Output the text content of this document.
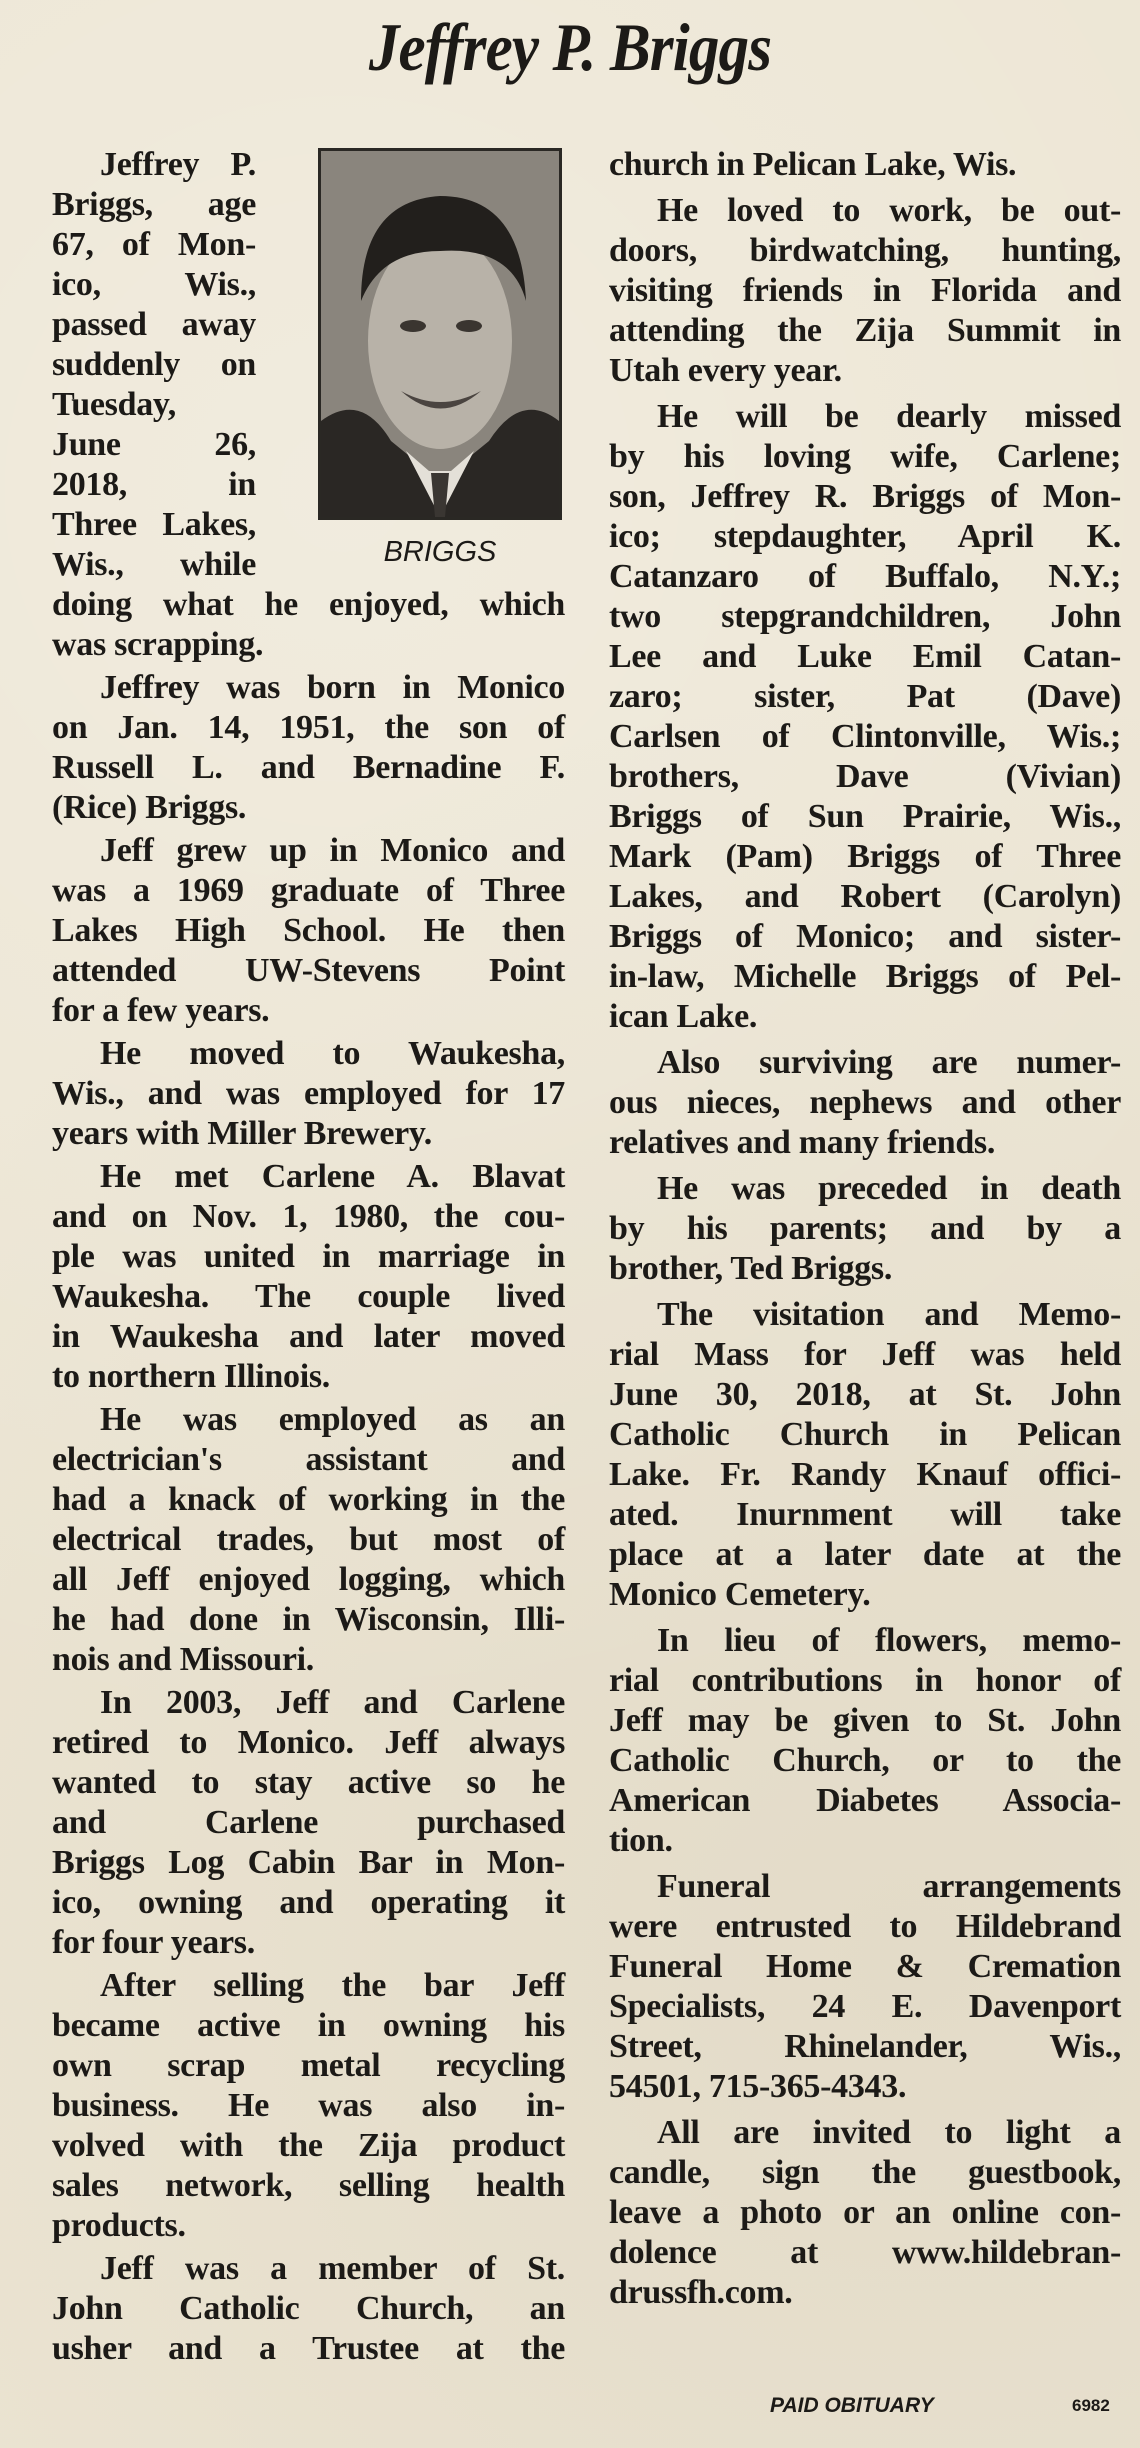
Jeffrey P. Briggs
BRIGGS
Jeffrey P.
Briggs, age
67, of Mon-
ico, Wis.,
passed away
suddenly on
Tuesday,
June 26,
2018, in
Three Lakes,
Wis., while
doing what he enjoyed, which
was scrapping.
Jeffrey was born in Monico
on Jan. 14, 1951, the son of
Russell L. and Bernadine F.
(Rice) Briggs.
Jeff grew up in Monico and
was a 1969 graduate of Three
Lakes High School. He then
attended UW-Stevens Point
for a few years.
He moved to Waukesha,
Wis., and was employed for 17
years with Miller Brewery.
He met Carlene A. Blavat
and on Nov. 1, 1980, the cou-
ple was united in marriage in
Waukesha. The couple lived
in Waukesha and later moved
to northern Illinois.
He was employed as an
electrician's assistant and
had a knack of working in the
electrical trades, but most of
all Jeff enjoyed logging, which
he had done in Wisconsin, Illi-
nois and Missouri.
In 2003, Jeff and Carlene
retired to Monico. Jeff always
wanted to stay active so he
and Carlene purchased
Briggs Log Cabin Bar in Mon-
ico, owning and operating it
for four years.
After selling the bar Jeff
became active in owning his
own scrap metal recycling
business. He was also in-
volved with the Zija product
sales network, selling health
products.
Jeff was a member of St.
John Catholic Church, an
usher and a Trustee at the
church in Pelican Lake, Wis.
He loved to work, be out-
doors, birdwatching, hunting,
visiting friends in Florida and
attending the Zija Summit in
Utah every year.
He will be dearly missed
by his loving wife, Carlene;
son, Jeffrey R. Briggs of Mon-
ico; stepdaughter, April K.
Catanzaro of Buffalo, N.Y.;
two stepgrandchildren, John
Lee and Luke Emil Catan-
zaro; sister, Pat (Dave)
Carlsen of Clintonville, Wis.;
brothers, Dave (Vivian)
Briggs of Sun Prairie, Wis.,
Mark (Pam) Briggs of Three
Lakes, and Robert (Carolyn)
Briggs of Monico; and sister-
in-law, Michelle Briggs of Pel-
ican Lake.
Also surviving are numer-
ous nieces, nephews and other
relatives and many friends.
He was preceded in death
by his parents; and by a
brother, Ted Briggs.
The visitation and Memo-
rial Mass for Jeff was held
June 30, 2018, at St. John
Catholic Church in Pelican
Lake. Fr. Randy Knauf offici-
ated. Inurnment will take
place at a later date at the
Monico Cemetery.
In lieu of flowers, memo-
rial contributions in honor of
Jeff may be given to St. John
Catholic Church, or to the
American Diabetes Associa-
tion.
Funeral arrangements
were entrusted to Hildebrand
Funeral Home & Cremation
Specialists, 24 E. Davenport
Street, Rhinelander, Wis.,
54501, 715-365-4343.
All are invited to light a
candle, sign the guestbook,
leave a photo or an online con-
dolence at www.hildebran-
drussfh.com.
PAID OBITUARY	6982
